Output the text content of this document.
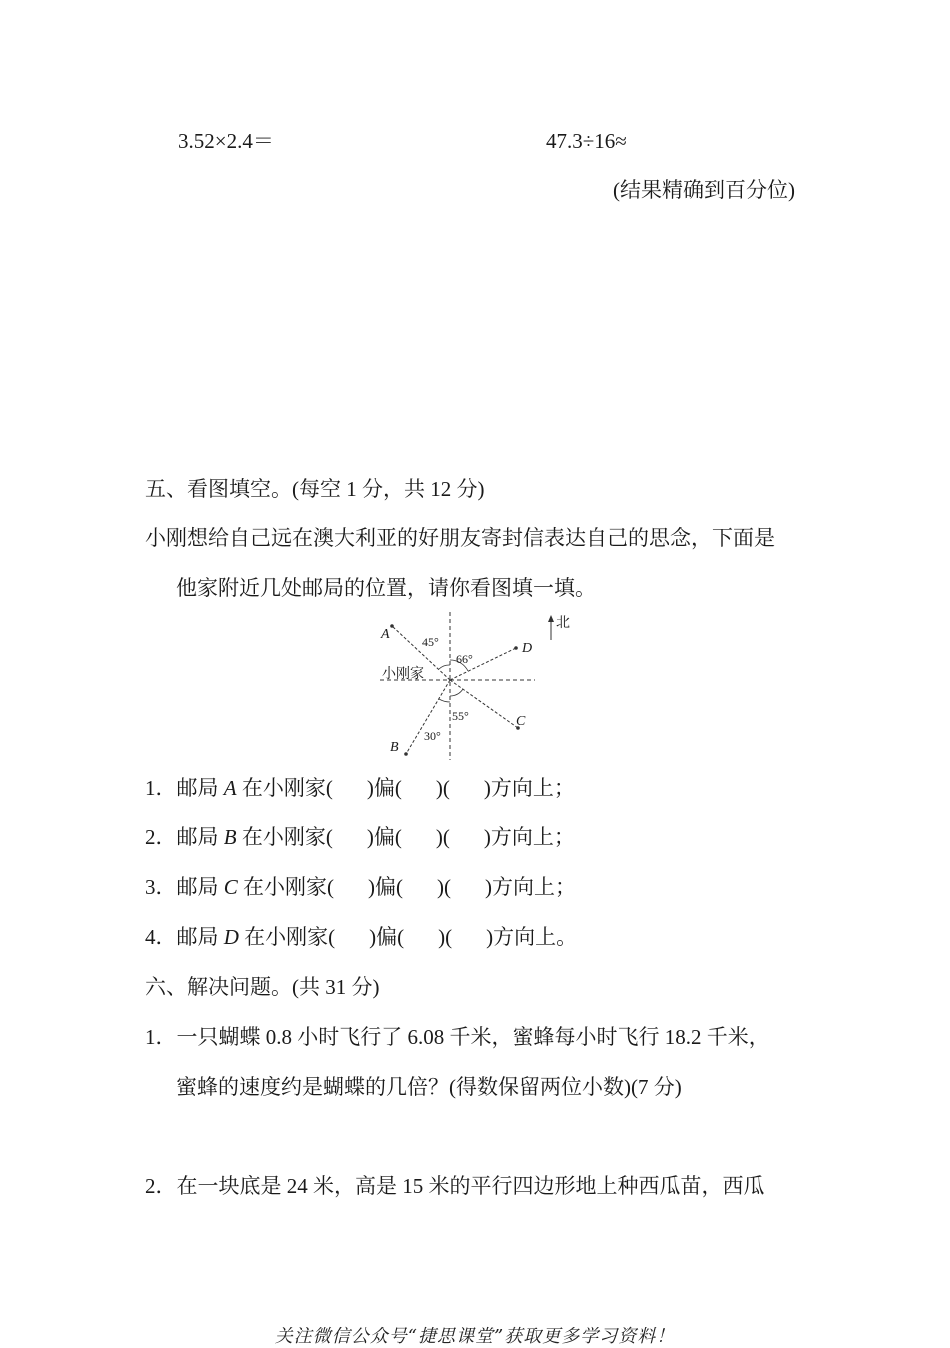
3.52×2.4＝	47.3÷16≈
(结果精确到百分位)
五、看图填空。(每空 1 分，共 12 分)
小刚想给自己远在澳大利亚的好朋友寄封信表达自己的思念，下面是
他家附近几处邮局的位置，请你看图填一填。
北
小刚家
45°
66°
55°
30°
A
D
C
B
1．邮局 A 在小刚家( )偏( )( )方向上；
2．邮局 B 在小刚家( )偏( )( )方向上；
3．邮局 C 在小刚家( )偏( )( )方向上；
4．邮局 D 在小刚家( )偏( )( )方向上。
六、解决问题。(共 31 分)
1．一只蝴蝶 0.8 小时飞行了 6.08 千米，蜜蜂每小时飞行 18.2 千米，
蜜蜂的速度约是蝴蝶的几倍？(得数保留两位小数)(7 分)
2．在一块底是 24 米，高是 15 米的平行四边形地上种西瓜苗，西瓜
关注微信公众号“捷思课堂”获取更多学习资料！
